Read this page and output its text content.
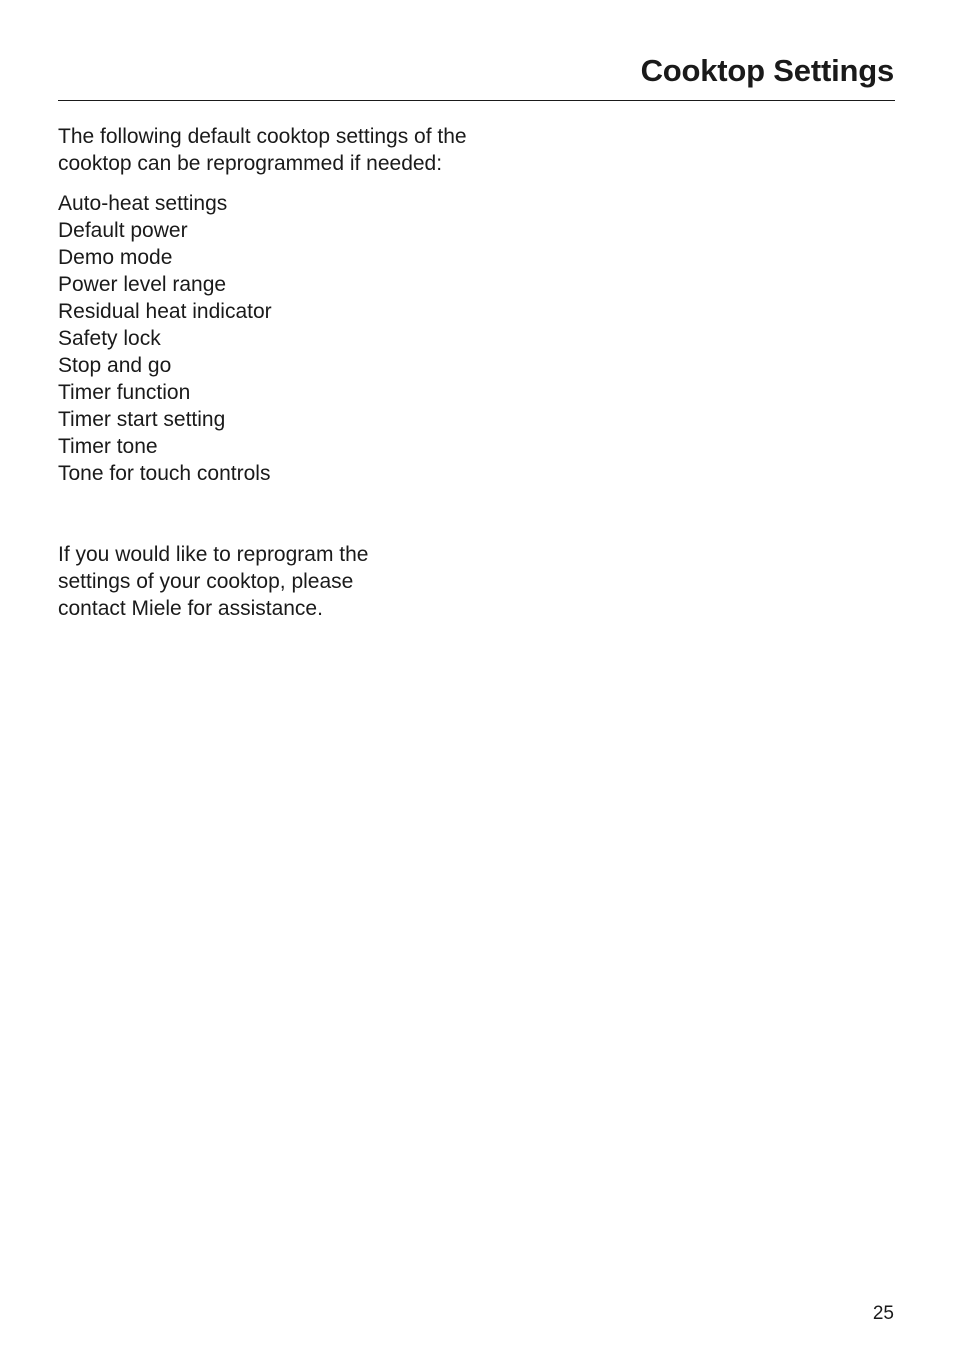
Cooktop Settings

The following default cooktop settings of the cooktop can be reprogrammed if needed:

Auto-heat settings
Default power
Demo mode
Power level range
Residual heat indicator
Safety lock
Stop and go
Timer function
Timer start setting
Timer tone
Tone for touch controls

If you would like to reprogram the settings of your cooktop, please contact Miele for assistance.

25
